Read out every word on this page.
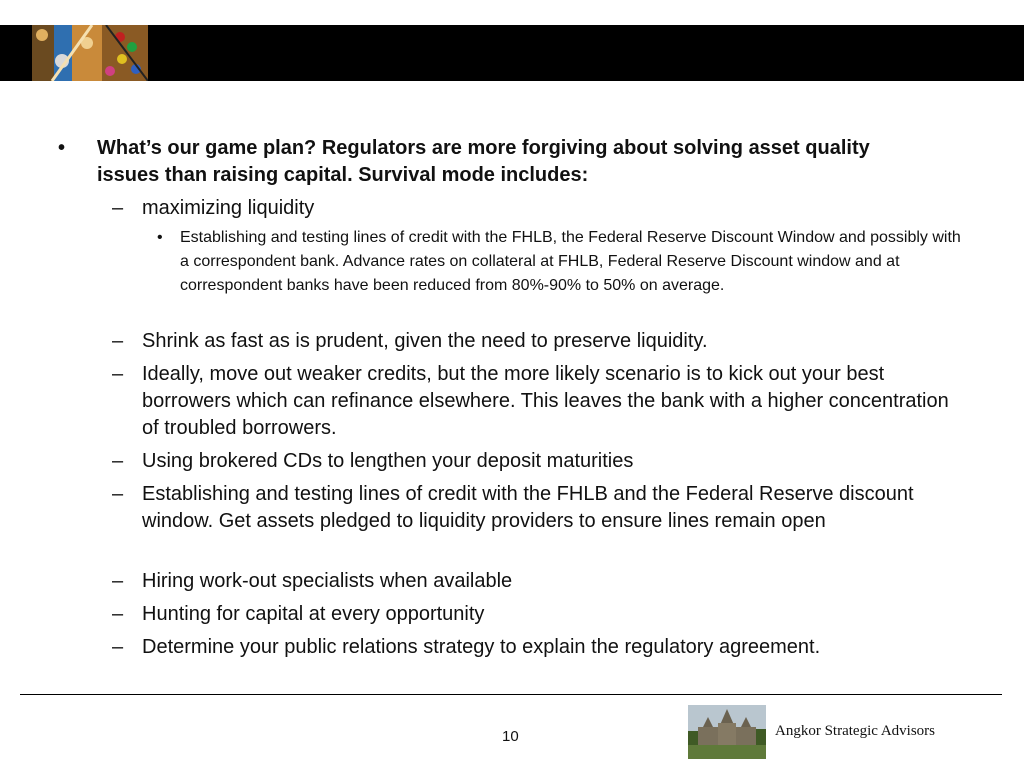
• What’s our game plan? Regulators are more forgiving about solving asset quality issues than raising capital. Survival mode includes:
– maximizing liquidity
• Establishing and testing lines of credit with the FHLB, the Federal Reserve Discount Window and possibly with a correspondent bank. Advance rates on collateral at FHLB, Federal Reserve Discount window and at correspondent banks have been reduced from 80%-90% to 50% on average.
– Shrink as fast as is prudent, given the need to preserve liquidity.
– Ideally, move out weaker credits, but the more likely scenario is to kick out your best borrowers which can refinance elsewhere. This leaves the bank with a higher concentration of troubled borrowers.
– Using brokered CDs to lengthen your deposit maturities
– Establishing and testing lines of credit with the FHLB and the Federal Reserve discount window. Get assets pledged to liquidity providers to ensure lines remain open
– Hiring work-out specialists when available
– Hunting for capital at every opportunity
– Determine your public relations strategy to explain the regulatory agreement.
10	Angkor Strategic Advisors
